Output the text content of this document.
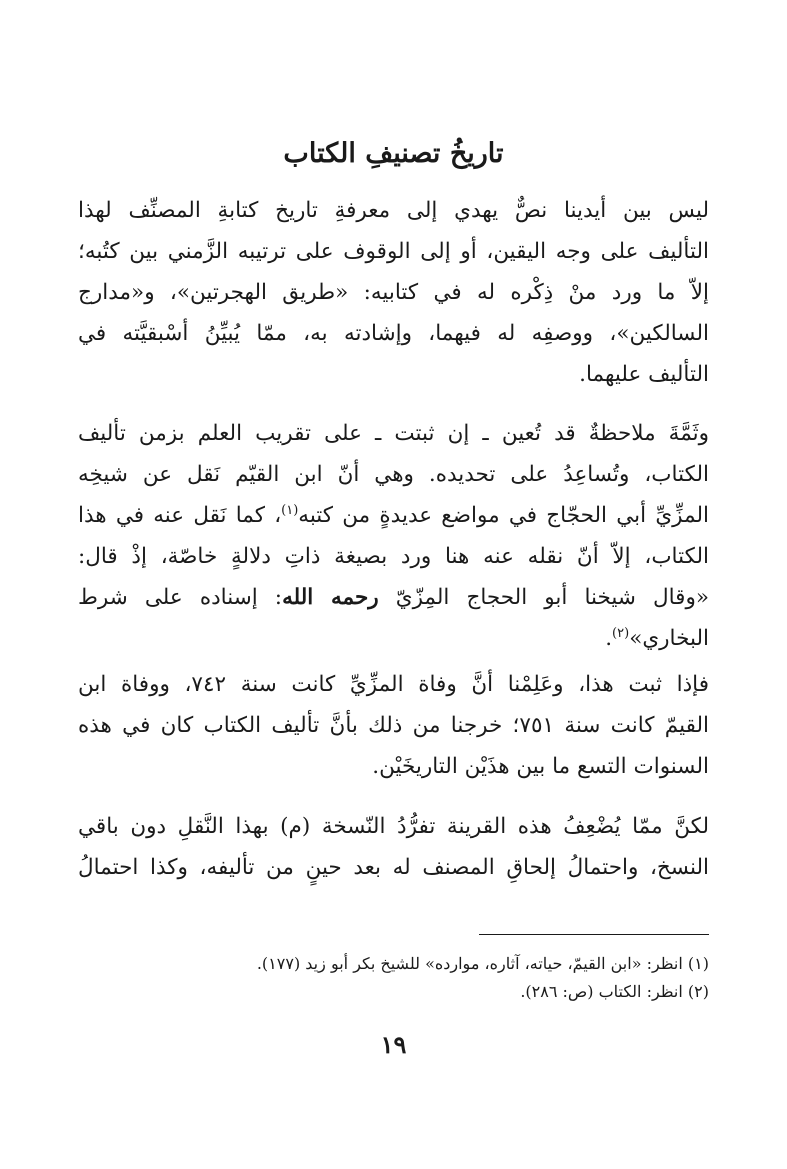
تاريخُ تصنيفِ الكتاب
ليس بين أيدينا نصٌّ يهدي إلى معرفةِ تاريخ كتابةِ المصنِّف لهذا
التأليف على وجه اليقين، أو إلى الوقوف على ترتيبه الزَّمني بين كتُبه؛
إلاّ ما ورد منْ ذِكْره له في كتابيه: «طريق الهجرتين»، و«مدارج
السالكين»، ووصفِه له فيهما، وإشادته به، ممّا يُبيِّنُ أسْبقيَّته في
التأليف عليهما.
وثَمَّةَ ملاحظةٌ قد تُعين ـ إن ثبتت ـ على تقريب العلم بزمن تأليف
الكتاب، وتُساعِدُ على تحديده. وهي أنّ ابن القيّم نَقل عن شيخِه
المزِّيِّ أبي الحجّاج في مواضع عديدةٍ من كتبه$^{(١)}$، كما نَقل عنه في هذا
الكتاب، إلاّ أنّ نقله عنه هنا ورد بصيغة ذاتِ دلالةٍ خاصّة، إذْ قال:
«وقال شيخنا أبو الحجاج المِزّيّ رحمه الله: إسناده على شرط
البخاري»$^{(٢)}$.
فإذا ثبت هذا، وعَلِمْنا أنَّ وفاة المزِّيِّ كانت سنة ٧٤٢، ووفاة ابن
القيمّ كانت سنة ٧٥١؛ خرجنا من ذلك بأنَّ تأليف الكتاب كان في هذه
السنوات التسع ما بين هذَيْن التاريخَيْن.
لكنَّ ممّا يُضْعِفُ هذه القرينة تفرُّدُ النّسخة (م) بهذا النَّقلِ دون باقي
النسخ، واحتمالُ إلحاقِ المصنف له بعد حينٍ من تأليفه، وكذا احتمالُ
(١) انظر: «ابن القيمّ، حياته، آثاره، موارده» للشيخ بكر أبو زيد (١٧٧).
(٢) انظر: الكتاب (ص: ٢٨٦).
١٩
